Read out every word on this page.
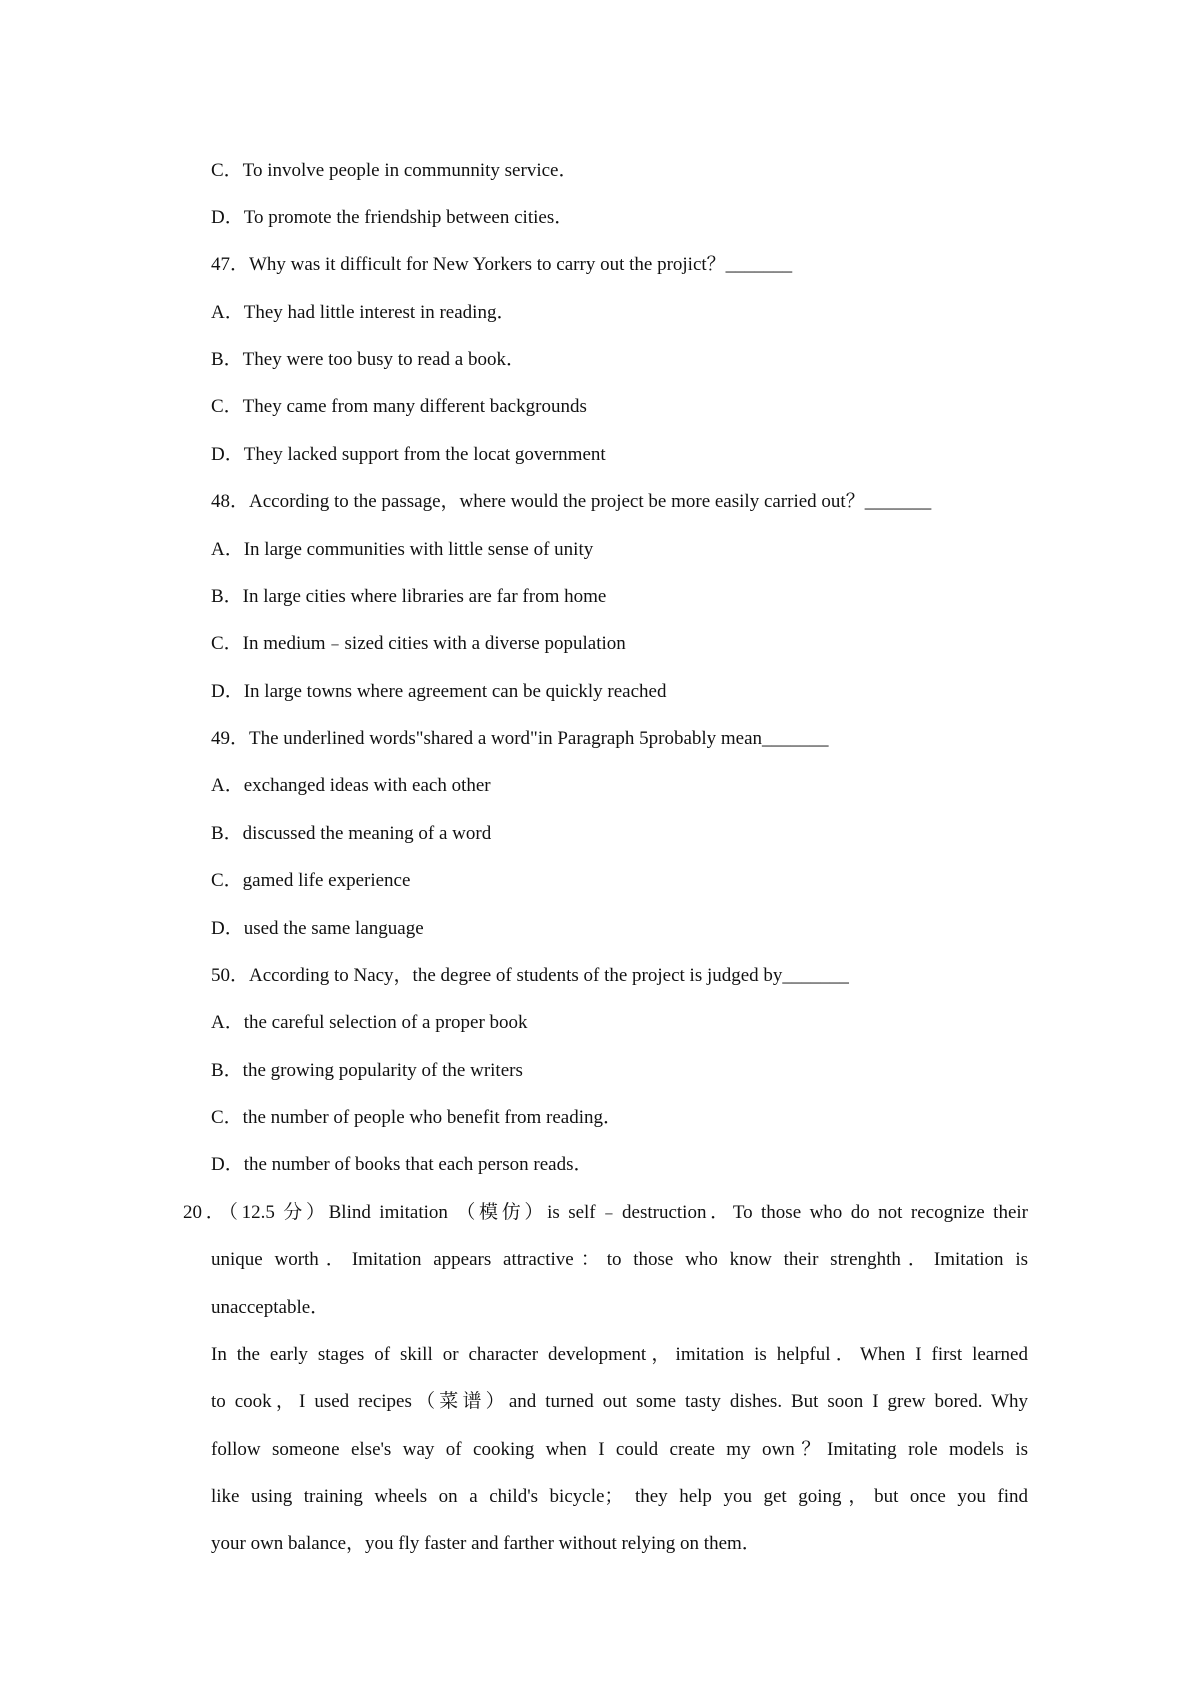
C．To involve people in communnity service．
D．To promote the friendship between cities．
47．Why was it difficult for New Yorkers to carry out the projict？_______
A．They had little interest in reading．
B．They were too busy to read a book．
C．They came from many different backgrounds
D．They lacked support from the locat government
48．According to the passage，where would the project be more easily carried out？_______
A．In large communities with little sense of unity
B．In large cities where libraries are far from home
C．In medium﹣sized cities with a diverse population
D．In large towns where agreement can be quickly reached
49．The underlined words"shared a word"in Paragraph 5probably mean_______
A．exchanged ideas with each other
B．discussed the meaning of a word
C．gamed life experience
D．used the same language
50．According to Nacy，the degree of students of the project is judged by_______
A．the careful selection of a proper book
B．the growing popularity of the writers
C．the number of people who benefit from reading．
D．the number of books that each person reads．
20．（12.5 分）Blind imitation （模仿）is self﹣destruction．To those who do not recognize their
unique worth．Imitation appears attractive：to those who know their strenghth．Imitation is
unacceptable．
In the early stages of skill or character development，imitation is helpful．When I first learned
to cook，I used recipes（菜谱）and turned out some tasty dishes. But soon I grew bored. Why
follow someone else's way of cooking when I could create my own？Imitating role models is
like using training wheels on a child's bicycle； they help you get going，but once you find
your own balance，you fly faster and farther without relying on them．
